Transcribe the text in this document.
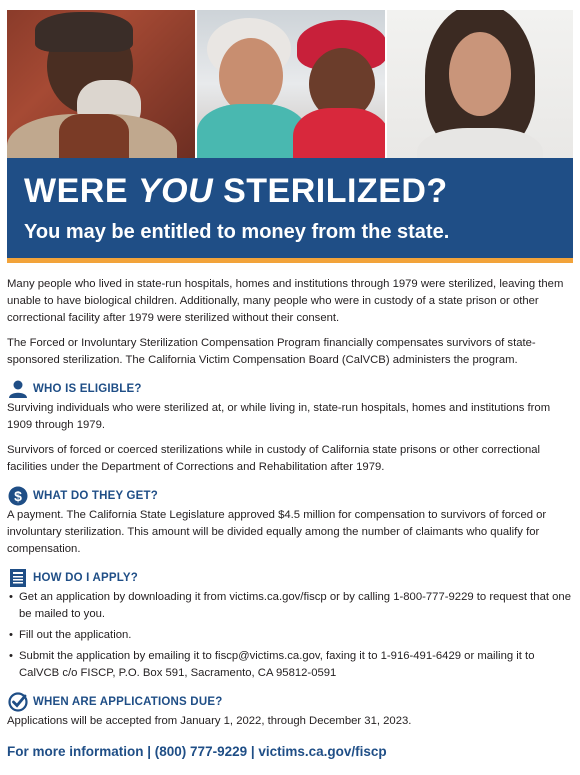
WERE YOU STERILIZED?
You may be entitled to money from the state.

Many people who lived in state-run hospitals, homes and institutions through 1979 were sterilized, leaving them unable to have biological children. Additionally, many people who were in custody of a state prison or other correctional facility after 1979 were sterilized without their consent.

The Forced or Involuntary Sterilization Compensation Program financially compensates survivors of state-sponsored sterilization. The California Victim Compensation Board (CalVCB) administers the program.

WHO IS ELIGIBLE?

Surviving individuals who were sterilized at, or while living in, state-run hospitals, homes and institutions from 1909 through 1979.

Survivors of forced or coerced sterilizations while in custody of California state prisons or other correctional facilities under the Department of Corrections and Rehabilitation after 1979.

$ WHAT DO THEY GET?

A payment. The California State Legislature approved $4.5 million for compensation to survivors of forced or involuntary sterilization. This amount will be divided equally among the number of claimants who qualify for compensation.

HOW DO I APPLY?
• Get an application by downloading it from victims.ca.gov/fiscp or by calling 1-800-777-9229 to request that one be mailed to you.
• Fill out the application.
• Submit the application by emailing it to fiscp@victims.ca.gov, faxing it to 1-916-491-6429 or mailing it to CalVCB c/o FISCP, P.O. Box 591, Sacramento, CA 95812-0591
WHEN ARE APPLICATIONS DUE?

Applications will be accepted from January 1, 2022, through December 31, 2023.

For more information | (800) 777-9229 | victims.ca.gov/fiscp
